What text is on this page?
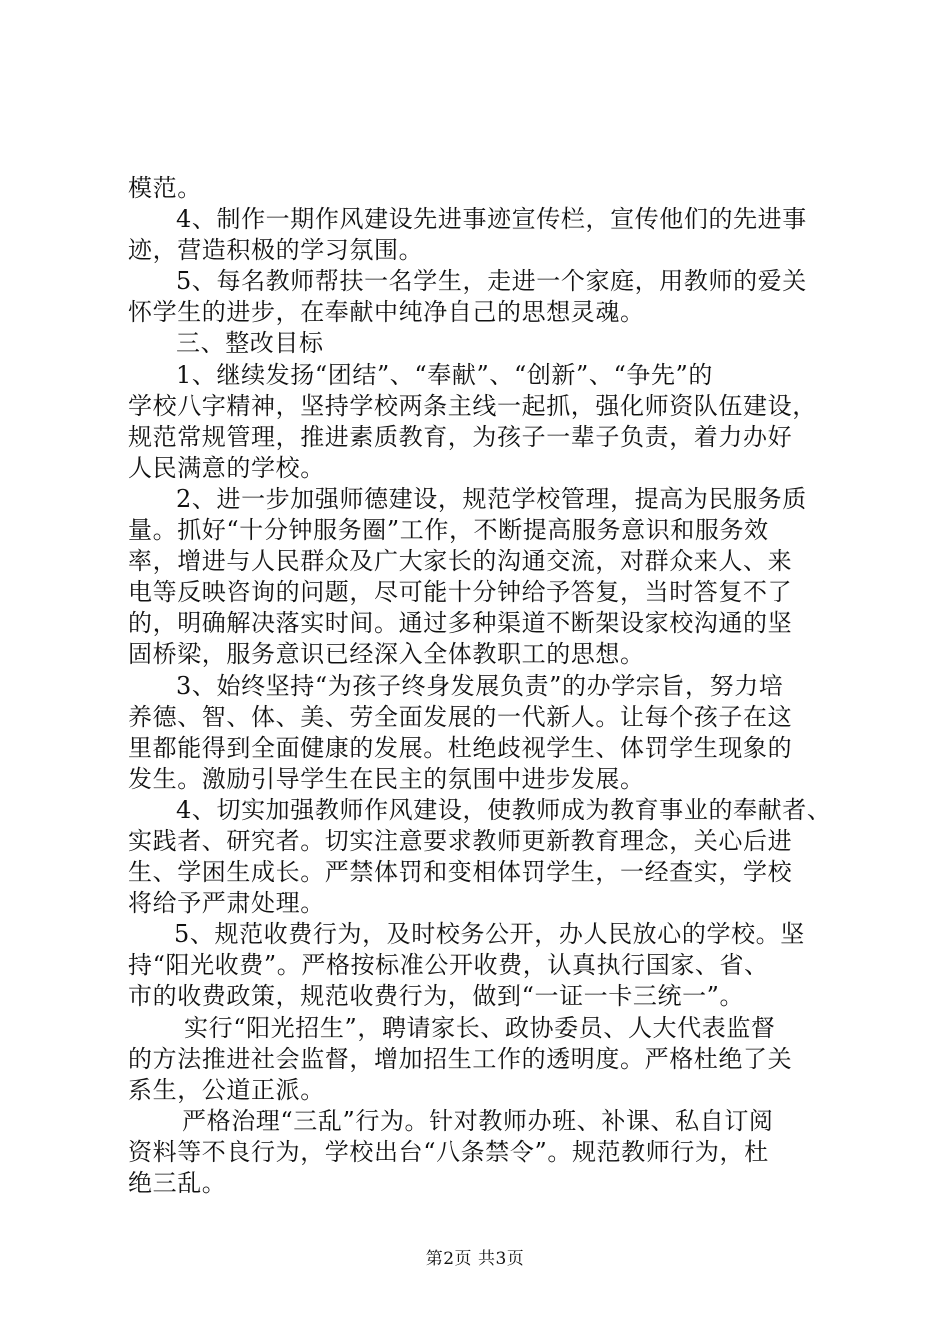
模范。
4、制作一期作风建设先进事迹宣传栏，宣传他们的先进事
迹，营造积极的学习氛围。
5、每名教师帮扶一名学生，走进一个家庭，用教师的爱关
怀学生的进步，在奉献中纯净自己的思想灵魂。
三、整改目标
1、继续发扬“团结”、“奉献”、“创新”、“争先”的
学校八字精神，坚持学校两条主线一起抓，强化师资队伍建设，
规范常规管理，推进素质教育，为孩子一辈子负责，着力办好
人民满意的学校。
2、进一步加强师德建设，规范学校管理，提高为民服务质
量。抓好“十分钟服务圈”工作，不断提高服务意识和服务效
率，增进与人民群众及广大家长的沟通交流，对群众来人、来
电等反映咨询的问题，尽可能十分钟给予答复，当时答复不了
的，明确解决落实时间。通过多种渠道不断架设家校沟通的坚
固桥梁，服务意识已经深入全体教职工的思想。
3、始终坚持“为孩子终身发展负责”的办学宗旨，努力培
养德、智、体、美、劳全面发展的一代新人。让每个孩子在这
里都能得到全面健康的发展。杜绝歧视学生、体罚学生现象的
发生。激励引导学生在民主的氛围中进步发展。
4、切实加强教师作风建设，使教师成为教育事业的奉献者、
实践者、研究者。切实注意要求教师更新教育理念，关心后进
生、学困生成长。严禁体罚和变相体罚学生，一经查实，学校
将给予严肃处理。
5、规范收费行为，及时校务公开，办人民放心的学校。坚
持“阳光收费”。严格按标准公开收费，认真执行国家、省、
市的收费政策，规范收费行为，做到“一证一卡三统一”。
实行“阳光招生”，聘请家长、政协委员、人大代表监督
的方法推进社会监督，增加招生工作的透明度。严格杜绝了关
系生，公道正派。
严格治理“三乱”行为。针对教师办班、补课、私自订阅
资料等不良行为，学校出台“八条禁令”。规范教师行为，杜
绝三乱。
第2页 共3页
